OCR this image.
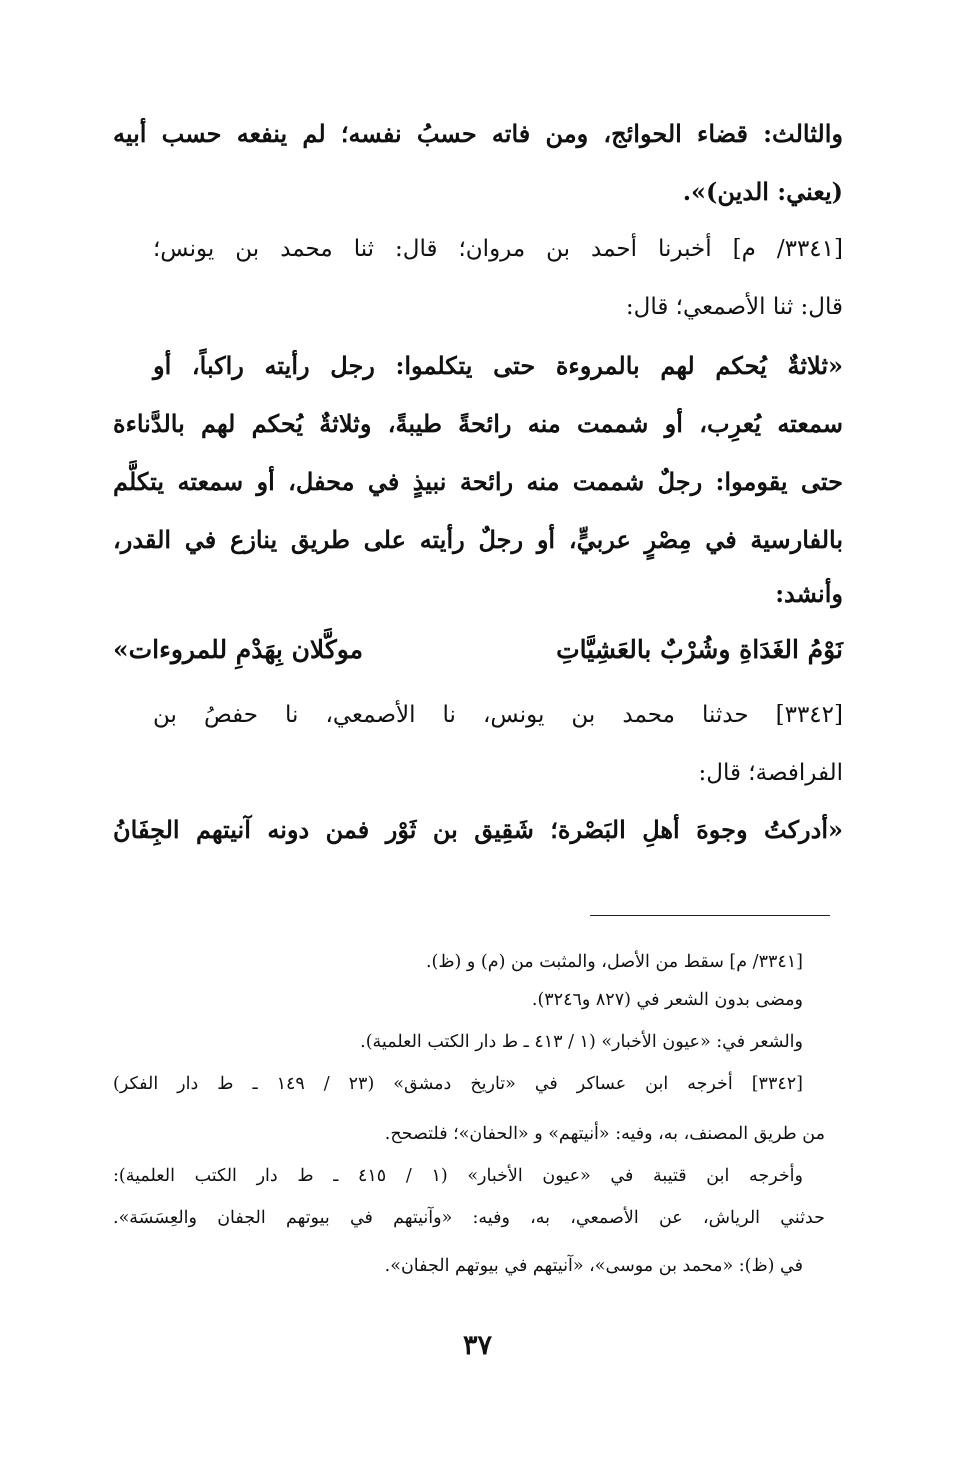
والثالث: قضاء الحوائج، ومن فاته حسبُ نفسه؛ لم ينفعه حسب أبيه
(يعني: الدين)».
[٣٣٤١/ م] أخبرنا أحمد بن مروان؛ قال: ثنا محمد بن يونس؛
قال: ثنا الأصمعي؛ قال:
«ثلاثةٌ يُحكم لهم بالمروءة حتى يتكلموا: رجل رأيته راكباً، أو
سمعته يُعرِب، أو شممت منه رائحةً طيبةً، وثلاثةٌ يُحكم لهم بالدَّناءة
حتى يقوموا: رجلٌ شممت منه رائحة نبيذٍ في محفل، أو سمعته يتكلَّم
بالفارسية في مِصْرٍ عربيٍّ، أو رجلٌ رأيته على طريق ينازع في القدر،
وأنشد:
نَوْمُ الغَدَاةِ وشُرْبٌ بالعَشِيَّاتِ
موكَّلان بِهَدْمِ للمروءات»
[٣٣٤٢] حدثنا محمد بن يونس، نا الأصمعي، نا حفصُ بن
الفرافصة؛ قال:
«أدركتُ وجوهَ أهلِ البَصْرة؛ شَقِيق بن ثَوْر فمن دونه آنيتهم الجِفَانُ
[٣٣٤١/ م] سقط من الأصل، والمثبت من (م) و (ظ).
ومضى بدون الشعر في (٨٢٧ و٣٢٤٦).
والشعر في: «عيون الأخبار» (١ / ٤١٣ ـ ط دار الكتب العلمية).
[٣٣٤٢] أخرجه ابن عساكر في «تاريخ دمشق» (٢٣ / ١٤٩ ـ ط دار الفكر)
من طريق المصنف، به، وفيه: «أنيتهم» و «الحفان»؛ فلتصحح.
وأخرجه ابن قتيبة في «عيون الأخبار» (١ / ٤١٥ ـ ط دار الكتب العلمية):
حدثني الرياش، عن الأصمعي، به، وفيه: «وآنيتهم في بيوتهم الجفان والعِسَسَة».
في (ظ): «محمد بن موسى»، «آنيتهم في بيوتهم الجفان».
٣٧
